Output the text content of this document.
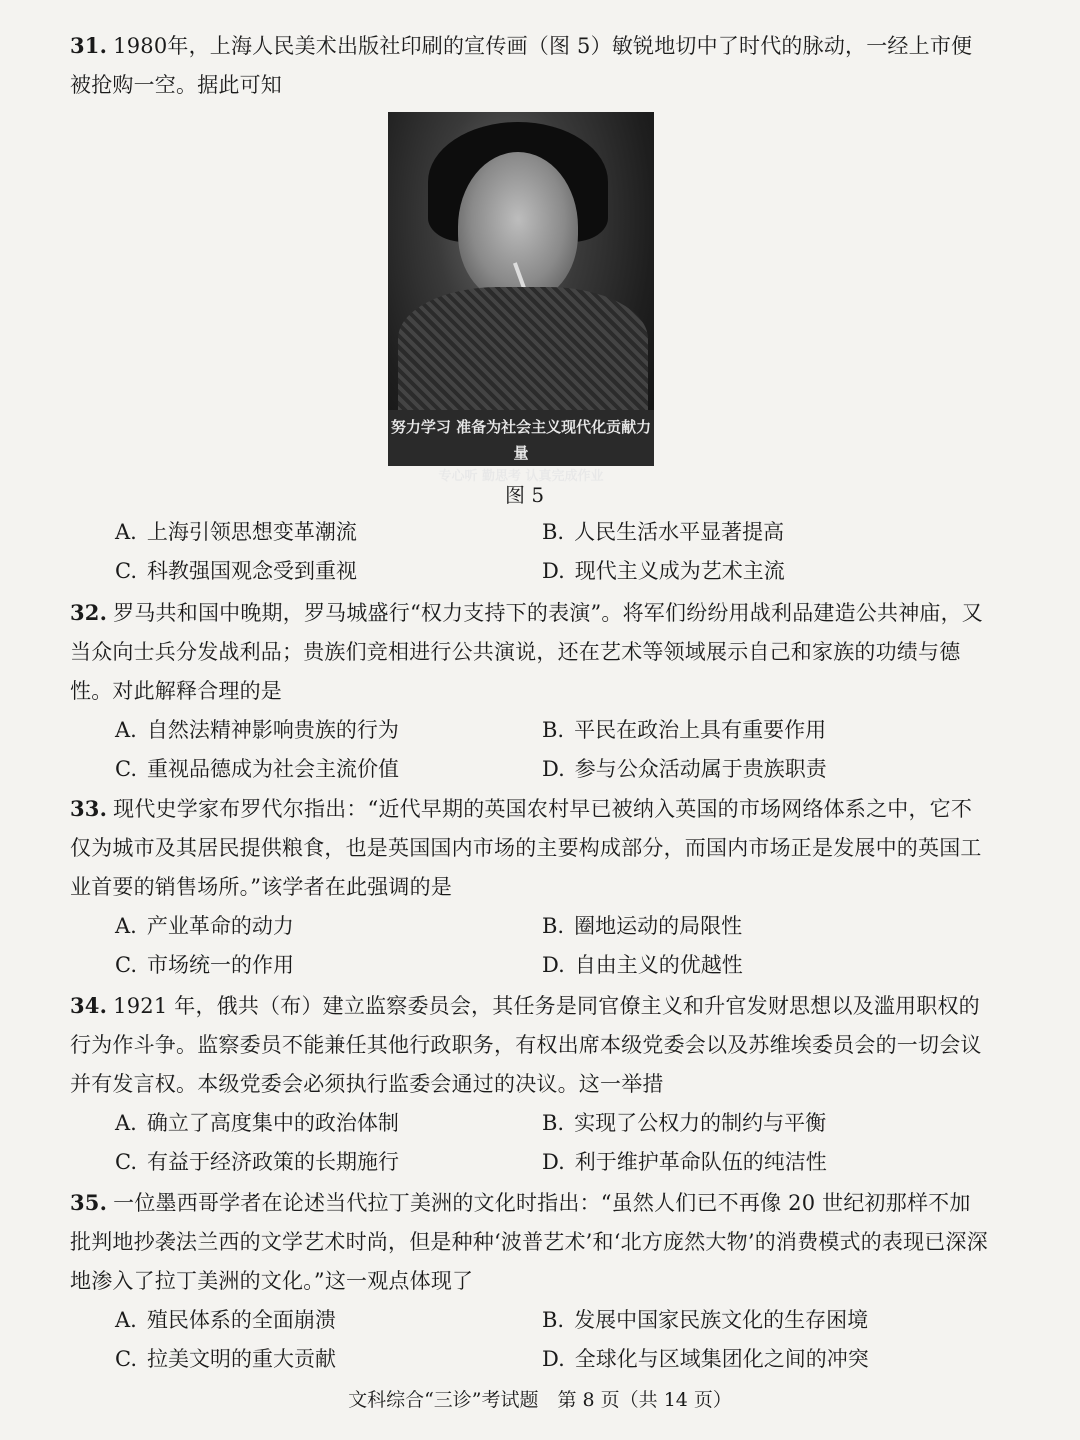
31. 1980年，上海人民美术出版社印刷的宣传画（图 5）敏锐地切中了时代的脉动，一经上市便被抢购一空。据此可知

努力学习 准备为社会主义现代化贡献力量
专心听 勤思考 认真完成作业
图 5
A. 上海引领思想变革潮流	B. 人民生活水平显著提高
C. 科教强国观念受到重视	D. 现代主义成为艺术主流

32. 罗马共和国中晚期，罗马城盛行“权力支持下的表演”。将军们纷纷用战利品建造公共神庙，又当众向士兵分发战利品；贵族们竞相进行公共演说，还在艺术等领域展示自己和家族的功绩与德性。对此解释合理的是

A. 自然法精神影响贵族的行为	B. 平民在政治上具有重要作用
C. 重视品德成为社会主流价值	D. 参与公众活动属于贵族职责

33. 现代史学家布罗代尔指出：“近代早期的英国农村早已被纳入英国的市场网络体系之中，它不仅为城市及其居民提供粮食，也是英国国内市场的主要构成部分，而国内市场正是发展中的英国工业首要的销售场所。”该学者在此强调的是

A. 产业革命的动力	B. 圈地运动的局限性
C. 市场统一的作用	D. 自由主义的优越性

34. 1921 年，俄共（布）建立监察委员会，其任务是同官僚主义和升官发财思想以及滥用职权的行为作斗争。监察委员不能兼任其他行政职务，有权出席本级党委会以及苏维埃委员会的一切会议并有发言权。本级党委会必须执行监委会通过的决议。这一举措

A. 确立了高度集中的政治体制	B. 实现了公权力的制约与平衡
C. 有益于经济政策的长期施行	D. 利于维护革命队伍的纯洁性

35. 一位墨西哥学者在论述当代拉丁美洲的文化时指出：“虽然人们已不再像 20 世纪初那样不加批判地抄袭法兰西的文学艺术时尚，但是种种‘波普艺术’和‘北方庞然大物’的消费模式的表现已深深地渗入了拉丁美洲的文化。”这一观点体现了

A. 殖民体系的全面崩溃	B. 发展中国家民族文化的生存困境
C. 拉美文明的重大贡献	D. 全球化与区域集团化之间的冲突
文科综合“三诊”考试题　第 8 页（共 14 页）
